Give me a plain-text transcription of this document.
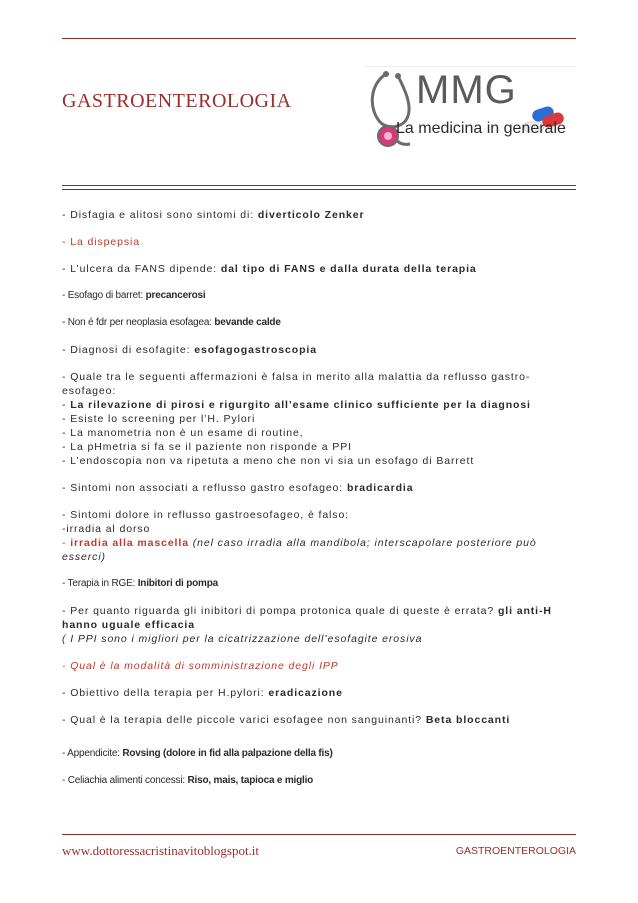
GASTROENTEROLOGIA	MMG
La medicina in generale

- Disfagia e alitosi sono sintomi di: diverticolo Zenker

- La dispepsia

- L’ulcera da FANS dipende: dal tipo di FANS e dalla durata della terapia

- Esofago di barret: precancerosi

- Non é fdr per neoplasia esofagea: bevande calde

- Diagnosi di esofagite: esofagogastroscopia

- Quale tra le seguenti affermazioni è falsa in merito alla malattia da reflusso gastro-esofageo:

- La rilevazione di pirosi e rigurgito all’esame clinico sufficiente per la diagnosi

- Esiste lo screening per l’H. Pylori

- La manometria non è un esame di routine,

- La pHmetria si fa se il paziente non risponde a PPI

- L’endoscopia non va ripetuta a meno che non vi sia un esofago di Barrett

- Sintomi non associati a reflusso gastro esofageo: bradicardia

- Sintomi dolore in reflusso gastroesofageo, è falso:

-irradia al dorso

- irradia alla mascella (nel caso irradia alla mandibola; interscapolare posteriore può esserci)

- Terapia in RGE: Inibitori di pompa

- Per quanto riguarda gli inibitori di pompa protonica quale di queste è errata? gli anti-H hanno uguale efficacia

( I PPI sono i migliori per la cicatrizzazione dell’esofagite erosiva

- Qual è la modalità di somministrazione degli IPP

- Obiettivo della terapia per H.pylori: eradicazione

- Qual è la terapia delle piccole varici esofagee non sanguinanti? Beta bloccanti

- Appendicite: Rovsing (dolore in fid alla palpazione della fis)

- Celiachia alimenti concessi: Riso, mais, tapioca e miglio

www.dottoressacristinavitoblogspot.it	GASTROENTEROLOGIA
